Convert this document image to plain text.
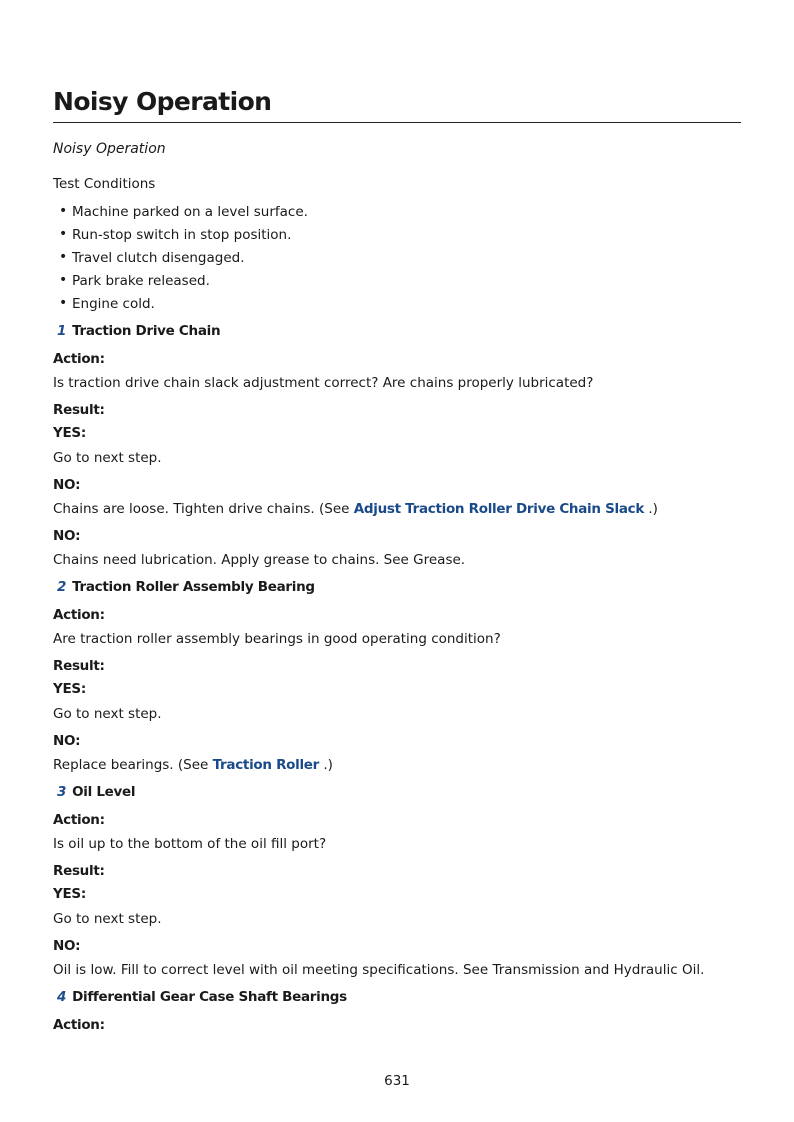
Noisy Operation
Noisy Operation
Test Conditions
• Machine parked on a level surface.
• Run-stop switch in stop position.
• Travel clutch disengaged.
• Park brake released.
• Engine cold.
1 Traction Drive Chain
Action:
Is traction drive chain slack adjustment correct? Are chains properly lubricated?
Result:
YES:
Go to next step.
NO:
Chains are loose. Tighten drive chains. (See Adjust Traction Roller Drive Chain Slack .)
NO:
Chains need lubrication. Apply grease to chains. See Grease.
2 Traction Roller Assembly Bearing
Action:
Are traction roller assembly bearings in good operating condition?
Result:
YES:
Go to next step.
NO:
Replace bearings. (See Traction Roller .)
3 Oil Level
Action:
Is oil up to the bottom of the oil fill port?
Result:
YES:
Go to next step.
NO:
Oil is low. Fill to correct level with oil meeting specifications. See Transmission and Hydraulic Oil.
4 Differential Gear Case Shaft Bearings
Action:
631
